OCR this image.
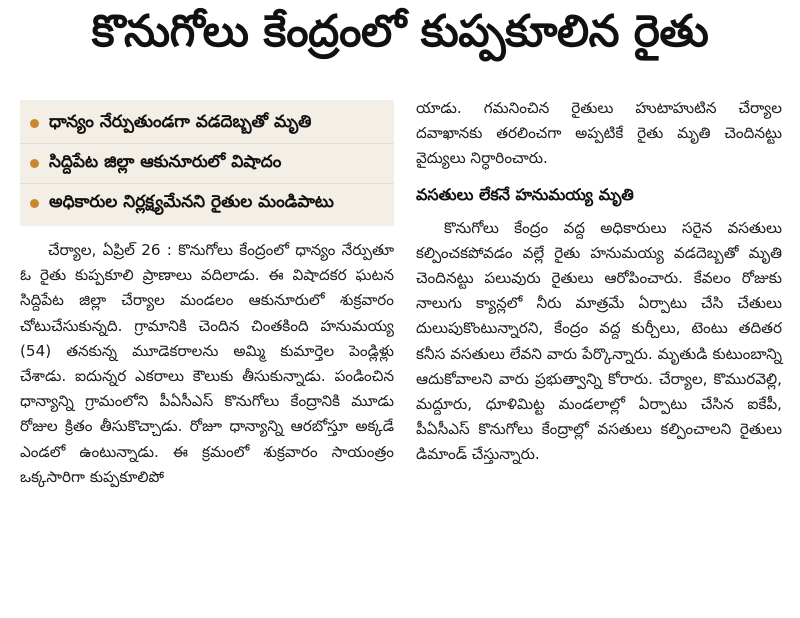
కొనుగోలు కేంద్రంలో కుప్పకూలిన రైతు
ధాన్యం నేర్పుతుండగా వడదెబ్బతో మృతి
సిద్దిపేట జిల్లా ఆకునూరులో విషాదం
అధికారుల నిర్లక్ష్యమేనని రైతుల మండిపాటు

చేర్యాల, ఏప్రిల్ 26 : కొనుగోలు కేంద్రంలో ధాన్యం నేర్పుతూ ఓ రైతు కుప్పకూలి ప్రాణాలు వదిలాడు. ఈ విషాదకర ఘటన సిద్దిపేట జిల్లా చేర్యాల మండలం ఆకునూరులో శుక్రవారం చోటుచేసుకున్నది. గ్రామానికి చెందిన చింతకింది హనుమయ్య (54) తనకున్న మూడెకరాలను అమ్మి కుమార్తెల పెండ్లిళ్లు చేశాడు. ఐదున్నర ఎకరాలు కౌలుకు తీసుకున్నాడు. పండించిన ధాన్యాన్ని గ్రామంలోని పీఏసీఎస్ కొనుగోలు కేంద్రానికి మూడు రోజుల క్రితం తీసుకొచ్చాడు. రోజూ ధాన్యాన్ని ఆరబోస్తూ అక్కడే ఎండలో ఉంటున్నాడు. ఈ క్రమంలో శుక్రవారం సాయంత్రం ఒక్కసారిగా కుప్పకూలిపో

యాడు. గమనించిన రైతులు హుటాహుటిన చేర్యాల దవాఖానకు తరలించగా అప్పటికే రైతు మృతి చెందినట్టు వైద్యులు నిర్ధారించారు.

వసతులు లేకనే హనుమయ్య మృతి

కొనుగోలు కేంద్రం వద్ద అధికారులు సరైన వసతులు కల్పించకపోవడం వల్లే రైతు హనుమయ్య వడదెబ్బతో మృతి చెందినట్టు పలువురు రైతులు ఆరోపించారు. కేవలం రోజుకు నాలుగు క్యాన్లలో నీరు మాత్రమే ఏర్పాటు చేసి చేతులు దులుపుకొంటున్నారని, కేంద్రం వద్ద కుర్చీలు, టెంటు తదితర కనీస వసతులు లేవని వారు పేర్కొన్నారు. మృతుడి కుటుంబాన్ని ఆదుకోవాలని వారు ప్రభుత్వాన్ని కోరారు. చేర్యాల, కొమురవెల్లి, మద్దూరు, ధూళిమిట్ట మండలాల్లో ఏర్పాటు చేసిన ఐకేపీ, పీఏసీఎస్ కొనుగోలు కేంద్రాల్లో వసతులు కల్పించాలని రైతులు డిమాండ్ చేస్తున్నారు.
